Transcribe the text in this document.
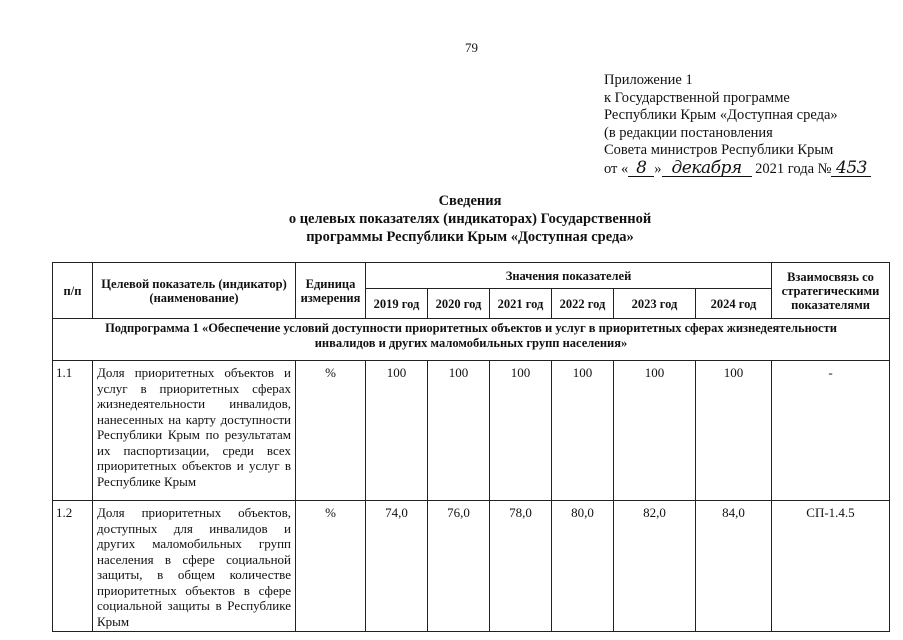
79
Приложение 1
к Государственной программе
Республики Крым «Доступная среда»
(в редакции постановления
Совета министров Республики Крым
от « 8 » декабря 2021 года № 453
Сведения
о целевых показателях (индикаторах) Государственной
программы Республики Крым «Доступная среда»
п/п	Целевой показатель (индикатор) (наименование)	Единица измерения	Значения показателей						Взаимосвязь со стратегическими показателями
			2019 год	2020 год	2021 год	2022 год	2023 год	2024 год	
Подпрограмма 1 «Обеспечение условий доступности приоритетных объектов и услуг в приоритетных сферах жизнедеятельности инвалидов и других маломобильных групп населения»									
1.1	Доля приоритетных объектов и услуг в приоритетных сферах жизнедеятельности инвалидов, нанесенных на карту доступности Республики Крым по результатам их паспортизации, среди всех приоритетных объектов и услуг в Республике Крым	%	100	100	100	100	100	100	-
1.2	Доля приоритетных объектов, доступных для инвалидов и других маломобильных групп населения в сфере социальной защиты, в общем количестве приоритетных объектов в сфере социальной защиты в Республике Крым	%	74,0	76,0	78,0	80,0	82,0	84,0	СП-1.4.5
